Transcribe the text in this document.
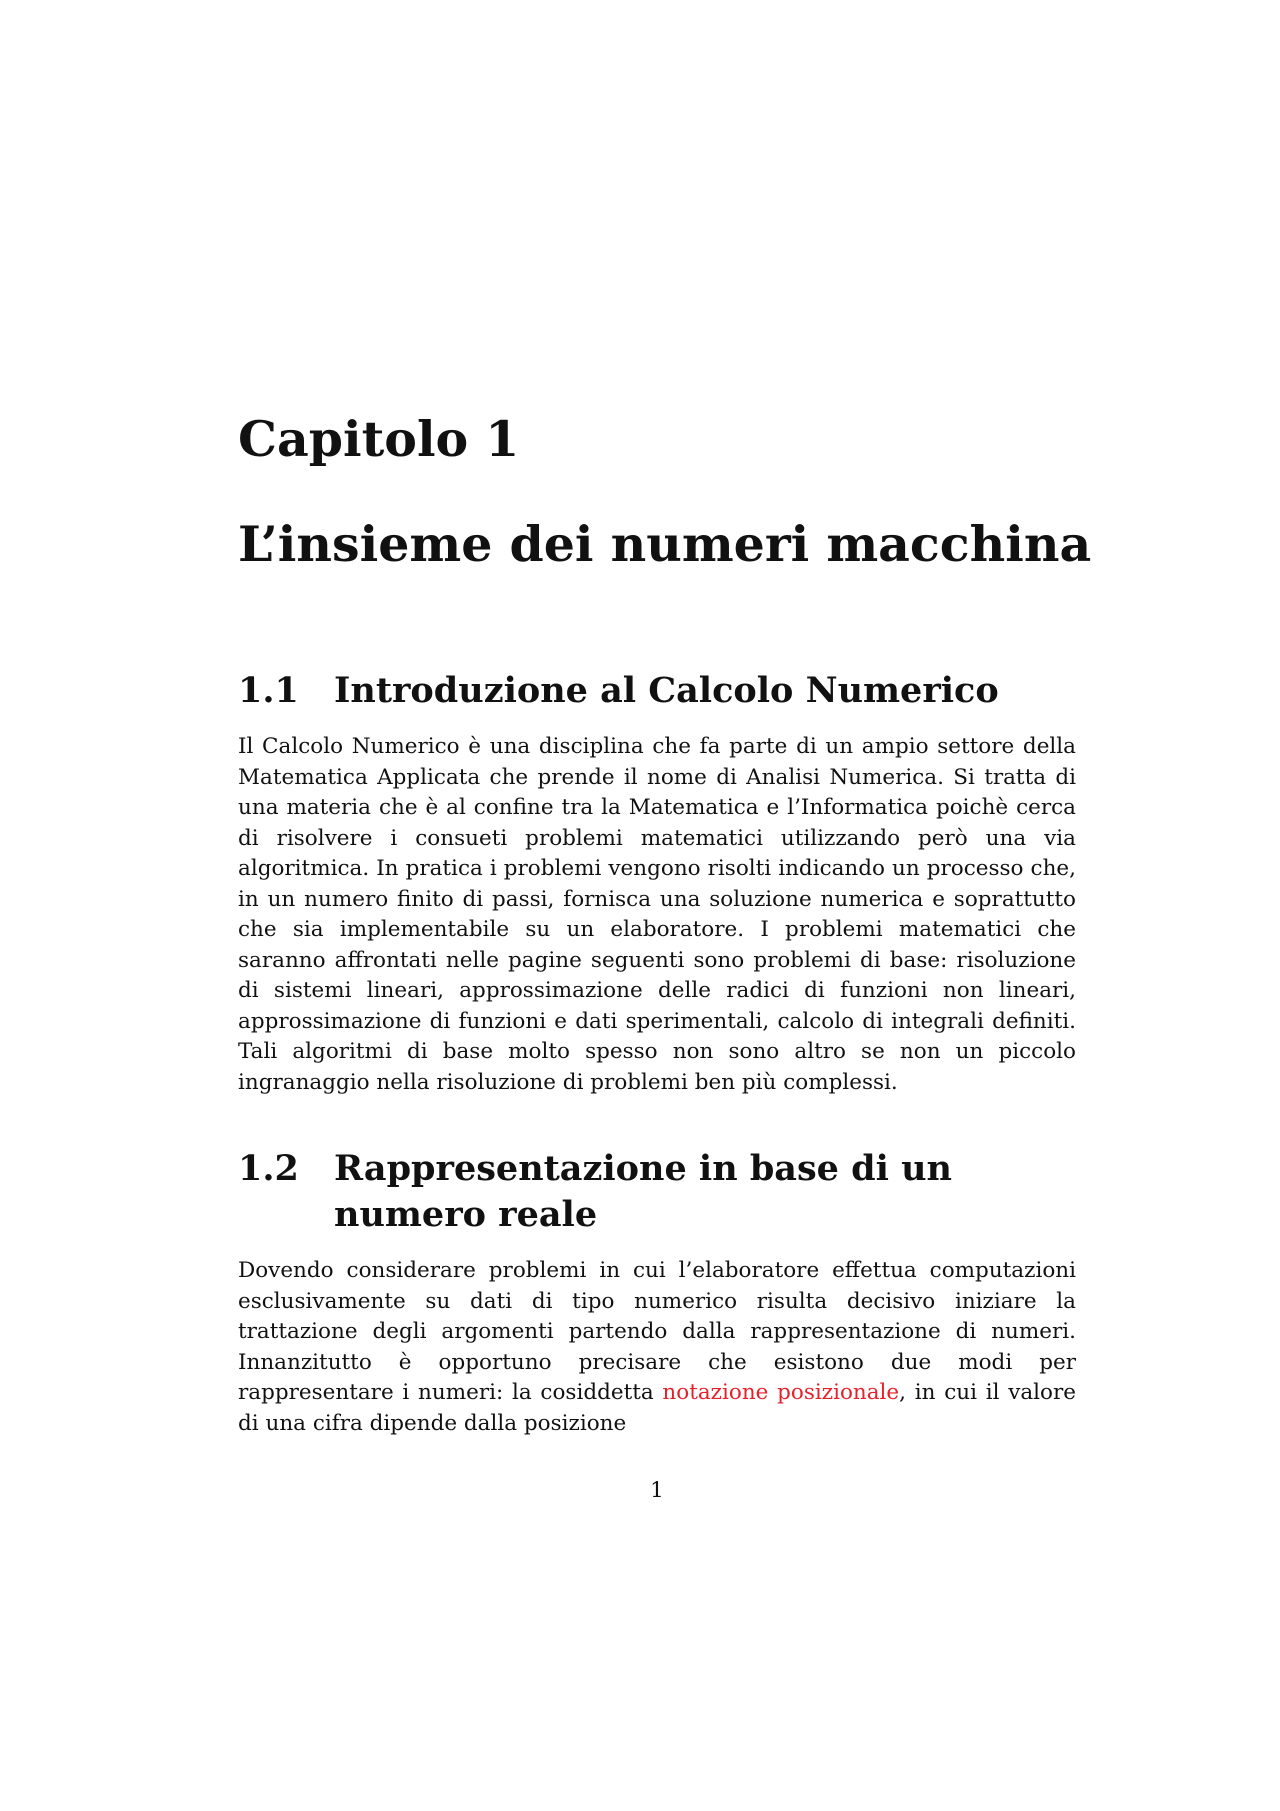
Capitolo 1
L’insieme dei numeri macchina
1.1	Introduzione al Calcolo Numerico

Il Calcolo Numerico è una disciplina che fa parte di un ampio settore della Matematica Applicata che prende il nome di Analisi Numerica. Si tratta di una materia che è al confine tra la Matematica e l’Informatica poichè cerca di risolvere i consueti problemi matematici utilizzando però una via algoritmica. In pratica i problemi vengono risolti indicando un processo che, in un numero finito di passi, fornisca una soluzione numerica e soprattutto che sia implementabile su un elaboratore. I problemi matematici che saranno affrontati nelle pagine seguenti sono problemi di base: risoluzione di sistemi lineari, approssimazione delle radici di funzioni non lineari, approssimazione di funzioni e dati sperimentali, calcolo di integrali definiti. Tali algoritmi di base molto spesso non sono altro se non un piccolo ingranaggio nella risoluzione di problemi ben più complessi.

1.2	Rappresentazione in base di un numero reale

Dovendo considerare problemi in cui l’elaboratore effettua computazioni esclusivamente su dati di tipo numerico risulta decisivo iniziare la trattazione degli argomenti partendo dalla rappresentazione di numeri. Innanzitutto è opportuno precisare che esistono due modi per rappresentare i numeri: la cosiddetta notazione posizionale, in cui il valore di una cifra dipende dalla posizione

1
